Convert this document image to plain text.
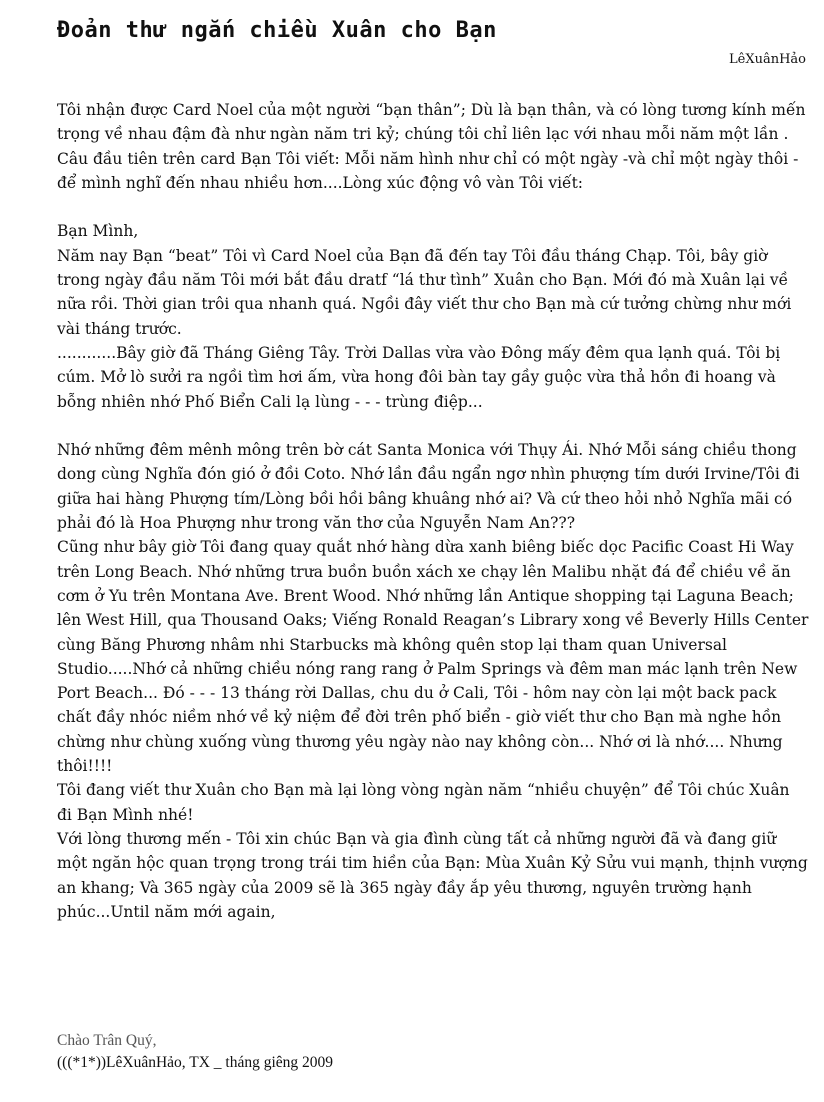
Đoản thư ngắn chiều Xuân cho Bạn
LêXuânHảo

Tôi nhận được Card Noel của một người “bạn thân”; Dù là bạn thân, và có lòng tương kính mến trọng về nhau đậm đà như ngàn năm tri kỷ; chúng tôi chỉ liên lạc với nhau mỗi năm một lần . Câu đầu tiên trên card Bạn Tôi viết: Mỗi năm hình như chỉ có một ngày -và chỉ một ngày thôi - để mình nghĩ đến nhau nhiều hơn....Lòng xúc động vô vàn Tôi viết:

Bạn Mình,

Năm nay Bạn “beat” Tôi vì Card Noel của Bạn đã đến tay Tôi đầu tháng Chạp. Tôi, bây giờ trong ngày đầu năm Tôi mới bắt đầu dratf “lá thư tình” Xuân cho Bạn. Mới đó mà Xuân lại về nữa rồi. Thời gian trôi qua nhanh quá. Ngồi đây viết thư cho Bạn mà cứ tưởng chừng như mới vài tháng trước.

............Bây giờ đã Tháng Giêng Tây. Trời Dallas vừa vào Đông mấy đêm qua lạnh quá. Tôi bị cúm. Mở lò sưởi ra ngồi tìm hơi ấm, vừa hong đôi bàn tay gầy guộc vừa thả hồn đi hoang và bỗng nhiên nhớ Phố Biển Cali lạ lùng - - - trùng điệp...

Nhớ những đêm mênh mông trên bờ cát Santa Monica với Thụy Ái. Nhớ Mỗi sáng chiều thong dong cùng Nghĩa đón gió ở đồi Coto. Nhớ lần đầu ngẩn ngơ nhìn phượng tím dưới Irvine/Tôi đi giữa hai hàng Phượng tím/Lòng bồi hồi bâng khuâng nhớ ai? Và cứ theo hỏi nhỏ Nghĩa mãi có phải đó là Hoa Phượng như trong văn thơ của Nguyễn Nam An???

Cũng như bây giờ Tôi đang quay quắt nhớ hàng dừa xanh biêng biếc dọc Pacific Coast Hi Way trên Long Beach. Nhớ những trưa buồn buồn xách xe chạy lên Malibu nhặt đá để chiều về ăn cơm ở Yu trên Montana Ave. Brent Wood. Nhớ những lần Antique shopping tại Laguna Beach; lên West Hill, qua Thousand Oaks; Viếng Ronald Reagan’s Library xong về Beverly Hills Center cùng Băng Phương nhâm nhi Starbucks mà không quên stop lại tham quan Universal Studio.....Nhớ cả những chiều nóng rang rang ở Palm Springs và đêm man mác lạnh trên New Port Beach... Đó - - - 13 tháng rời Dallas, chu du ở Cali, Tôi - hôm nay còn lại một back pack chất đầy nhóc niềm nhớ về kỷ niệm để đời trên phố biển - giờ viết thư cho Bạn mà nghe hồn chừng như chùng xuống vùng thương yêu ngày nào nay không còn... Nhớ ơi là nhớ.... Nhưng thôi!!!!

Tôi đang viết thư Xuân cho Bạn mà lại lòng vòng ngàn năm “nhiều chuyện” để Tôi chúc Xuân đi Bạn Mình nhé!

Với lòng thương mến - Tôi xin chúc Bạn và gia đình cùng tất cả những người đã và đang giữ một ngăn hộc quan trọng trong trái tim hiền của Bạn: Mùa Xuân Kỷ Sửu vui mạnh, thịnh vượng an khang; Và 365 ngày của 2009 sẽ là 365 ngày đầy ắp yêu thương, nguyên trường hạnh phúc...Until năm mới again,

Chào Trân Quý,

(((*1*))LêXuânHảo, TX _ tháng giêng 2009
